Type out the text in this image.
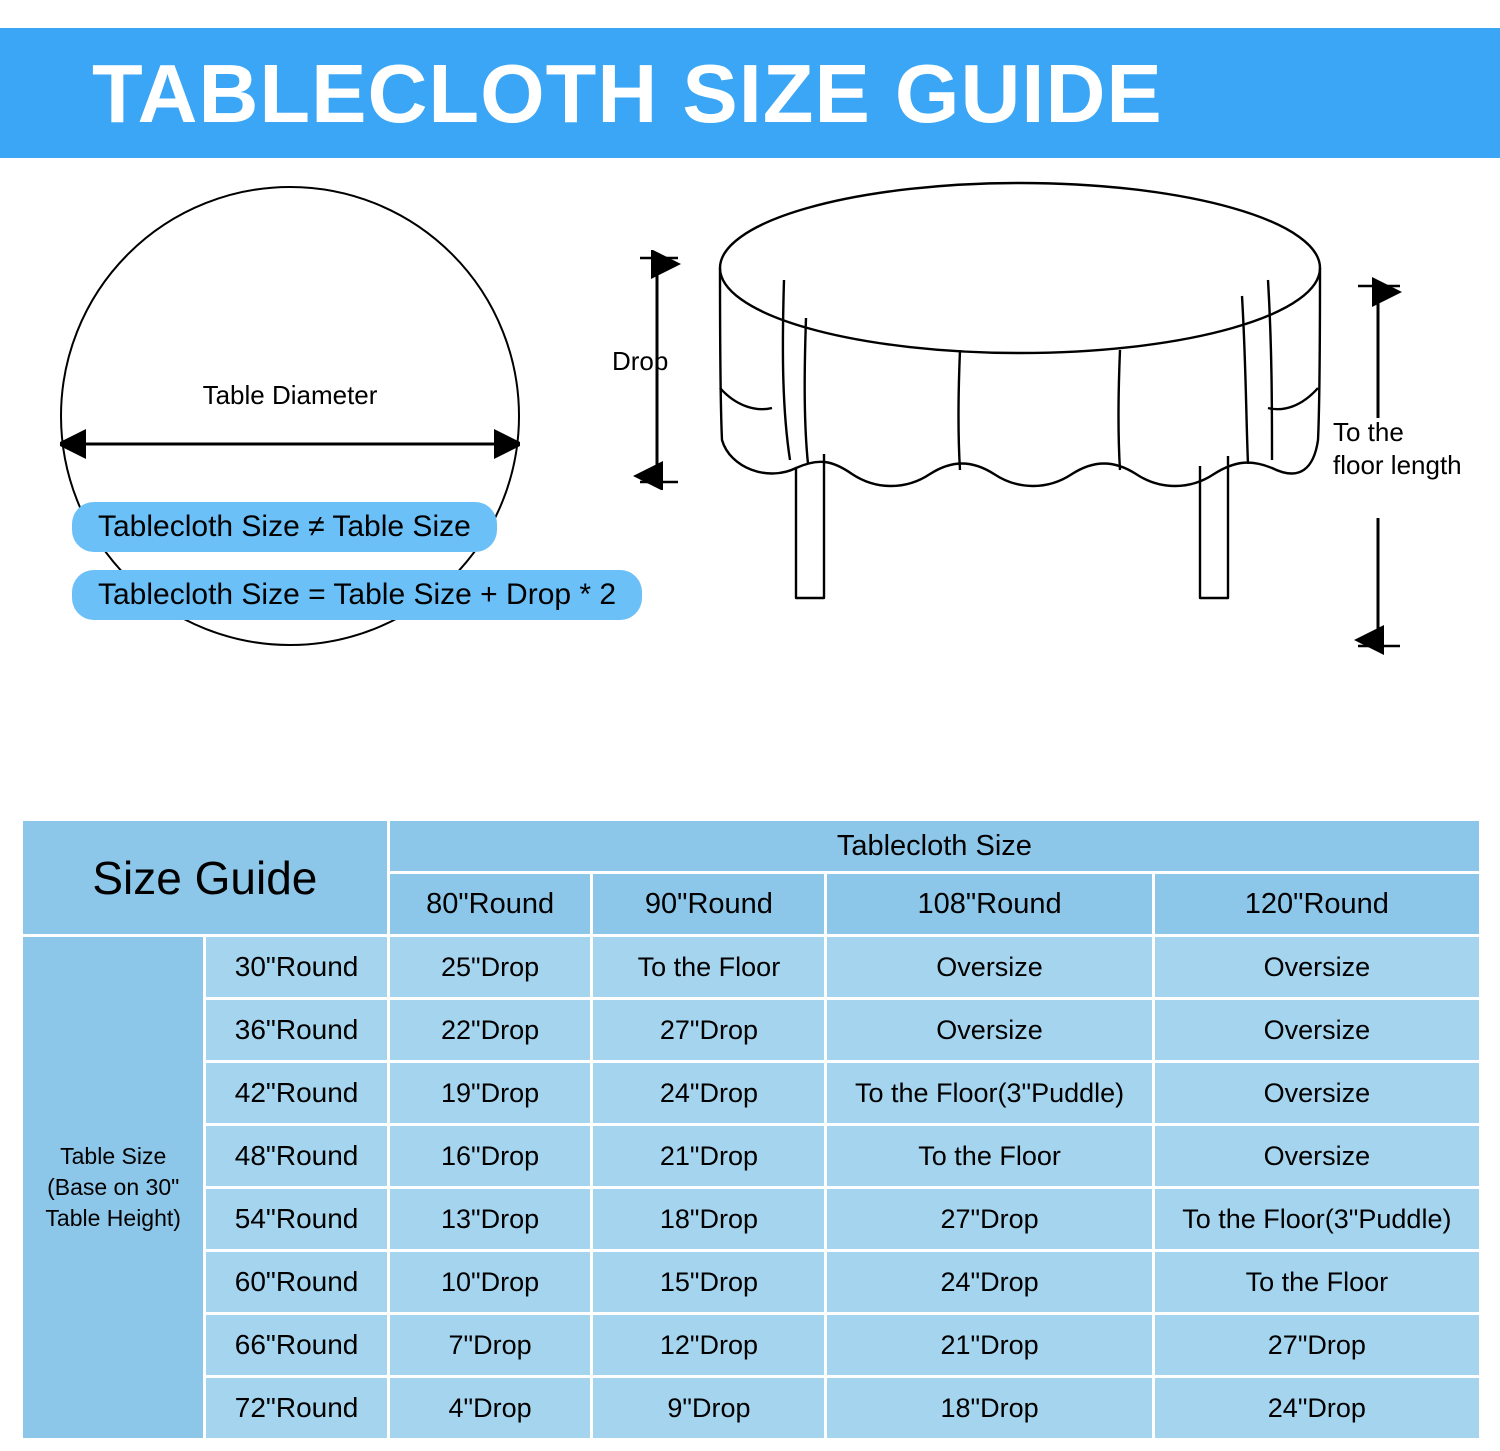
TABLECLOTH SIZE GUIDE
Table Diameter
Drop
To the
floor length
Tablecloth Size ≠ Table Size
Tablecloth Size = Table Size + Drop * 2
Size Guide		Tablecloth Size			
		80"Round	90"Round	108"Round	120"Round
Table Size
(Base on 30"
Table Height)	30"Round	25"Drop	To the Floor	Oversize	Oversize
	36"Round	22"Drop	27"Drop	Oversize	Oversize
	42"Round	19"Drop	24"Drop	To the Floor(3"Puddle)	Oversize
	48"Round	16"Drop	21"Drop	To the Floor	Oversize
	54"Round	13"Drop	18"Drop	27"Drop	To the Floor(3"Puddle)
	60"Round	10"Drop	15"Drop	24"Drop	To the Floor
	66"Round	7"Drop	12"Drop	21"Drop	27"Drop
	72"Round	4"Drop	9"Drop	18"Drop	24"Drop
